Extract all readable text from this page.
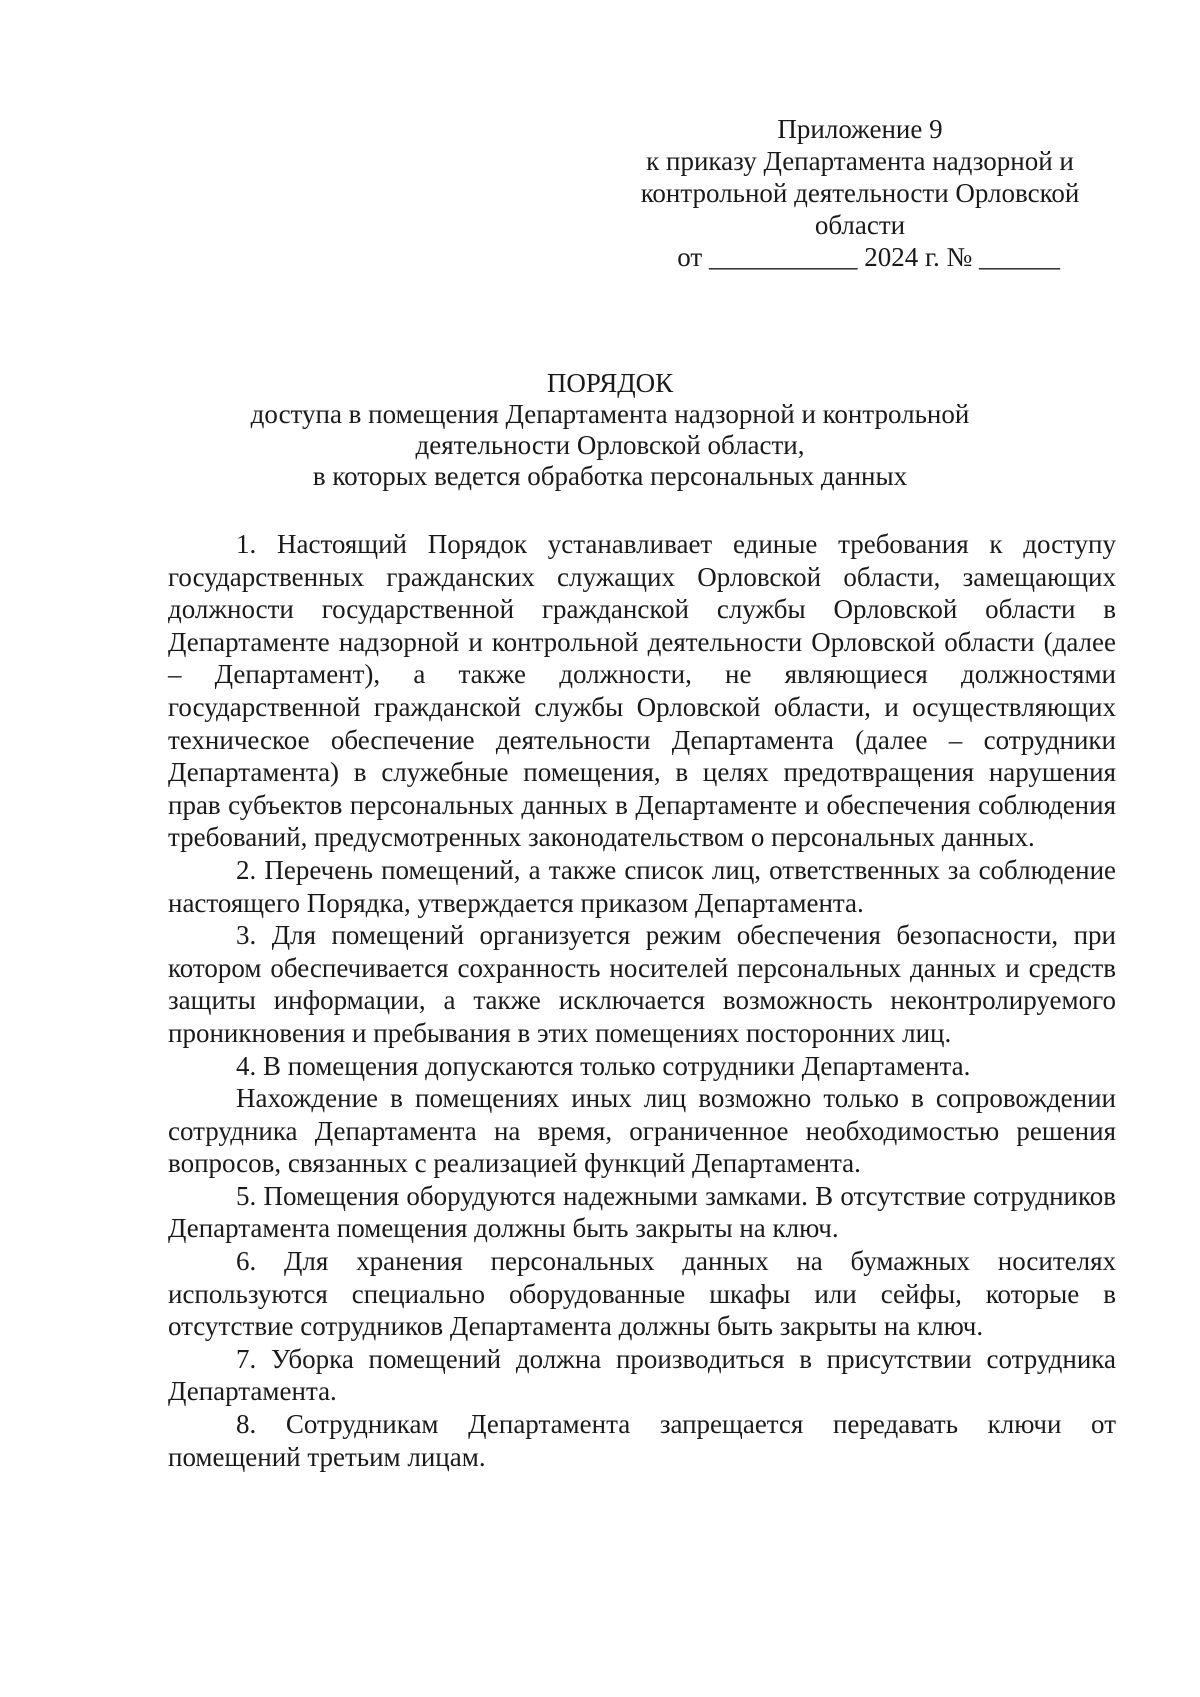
Приложение 9
к приказу Департамента надзорной и
контрольной деятельности Орловской
области
от ___________ 2024 г. № ______
ПОРЯДОК
доступа в помещения Департамента надзорной и контрольной
деятельности Орловской области,
в которых ведется обработка персональных данных

1. Настоящий Порядок устанавливает единые требования к доступу государственных гражданских служащих Орловской области, замещающих должности государственной гражданской службы Орловской области в Департаменте надзорной и контрольной деятельности Орловской области (далее – Департамент), а также должности, не являющиеся должностями государственной гражданской службы Орловской области, и осуществляющих техническое обеспечение деятельности Департамента (далее – сотрудники Департамента) в служебные помещения, в целях предотвращения нарушения прав субъектов персональных данных в Департаменте и обеспечения соблюдения требований, предусмотренных законодательством о персональных данных.

2. Перечень помещений, а также список лиц, ответственных за соблюдение настоящего Порядка, утверждается приказом Департамента.

3. Для помещений организуется режим обеспечения безопасности, при котором обеспечивается сохранность носителей персональных данных и средств защиты информации, а также исключается возможность неконтролируемого проникновения и пребывания в этих помещениях посторонних лиц.

4. В помещения допускаются только сотрудники Департамента.

Нахождение в помещениях иных лиц возможно только в сопровождении сотрудника Департамента на время, ограниченное необходимостью решения вопросов, связанных с реализацией функций Департамента.

5. Помещения оборудуются надежными замками. В отсутствие сотрудников Департамента помещения должны быть закрыты на ключ.

6. Для хранения персональных данных на бумажных носителях используются специально оборудованные шкафы или сейфы, которые в отсутствие сотрудников Департамента должны быть закрыты на ключ.

7. Уборка помещений должна производиться в присутствии сотрудника Департамента.

8. Сотрудникам Департамента запрещается передавать ключи от помещений третьим лицам.
